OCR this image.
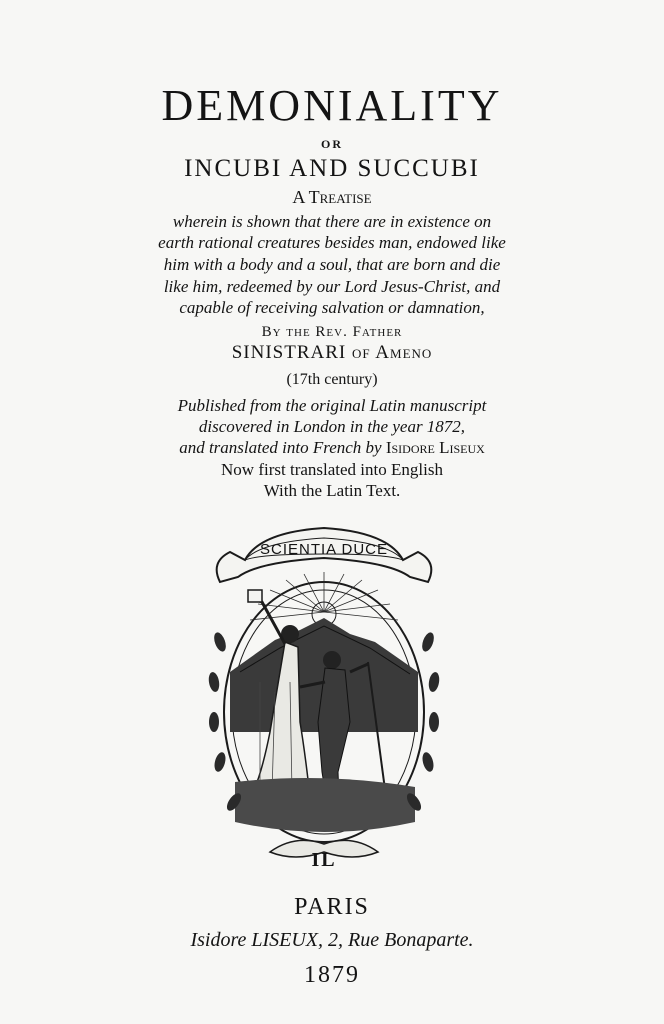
DEMONIALITY
OR
INCUBI AND SUCCUBI
A Treatise

wherein is shown that there are in existence on

earth rational creatures besides man, endowed like

him with a body and a soul, that are born and die

like him, redeemed by our Lord Jesus-Christ, and

capable of receiving salvation or damnation,

By the Rev. Father
SINISTRARI of Ameno
(17th century)

Published from the original Latin manuscript

discovered in London in the year 1872,

and translated into French by Isidore Liseux

Now first translated into English
With the Latin Text.
SCIENTIA DUCE
IL
PARIS
Isidore LISEUX, 2, Rue Bonaparte.
1879
